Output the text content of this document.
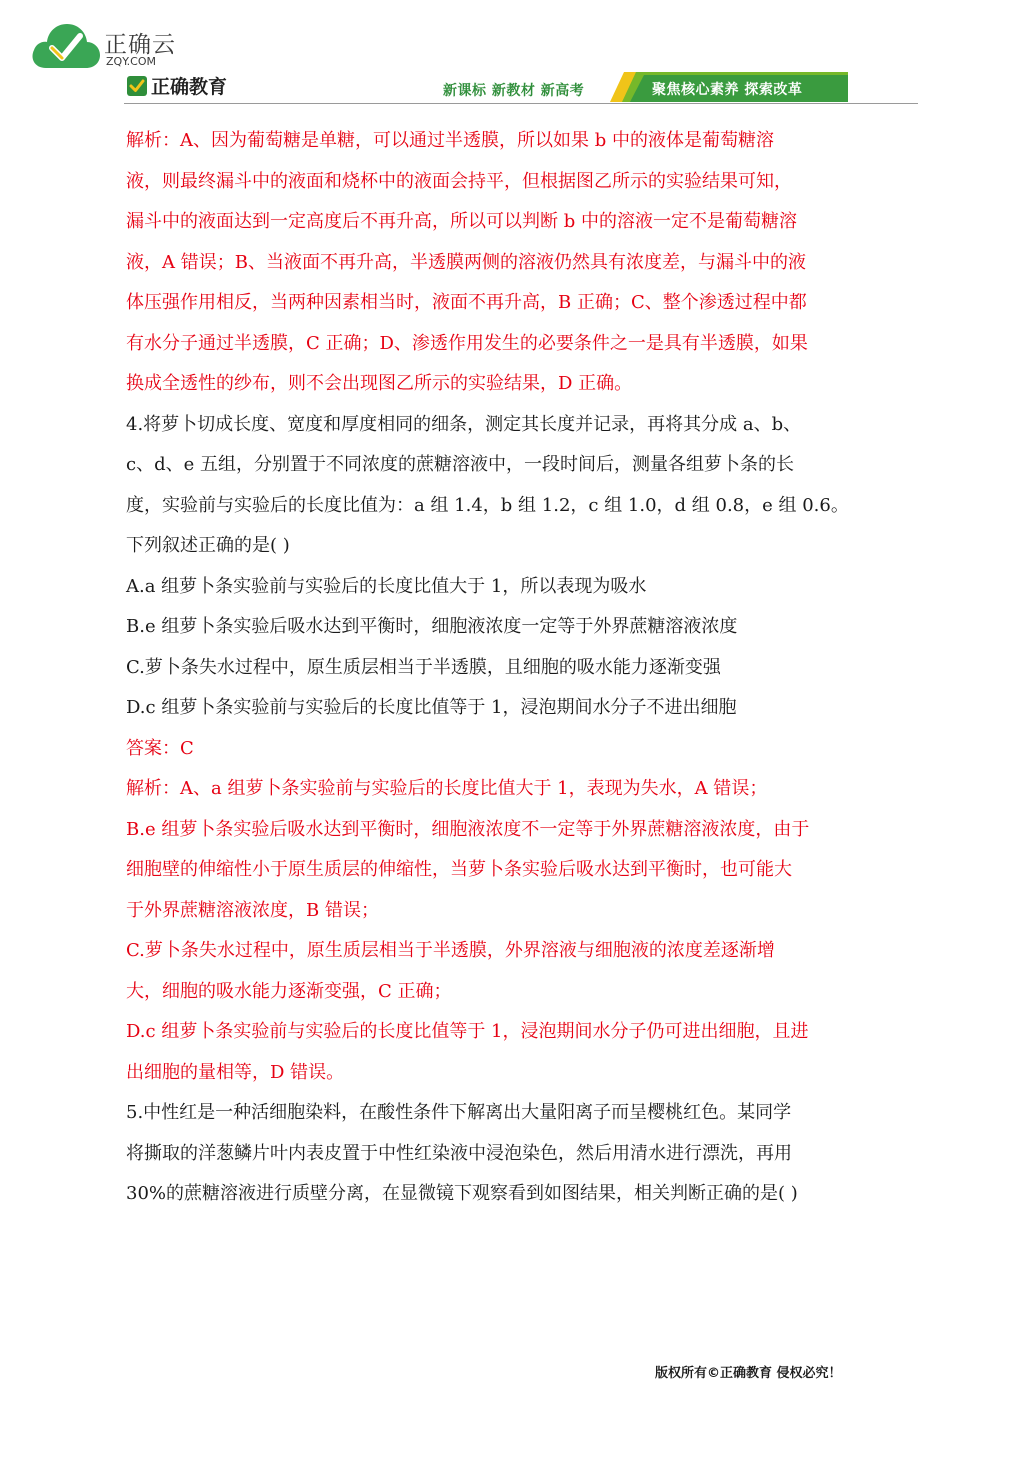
正确云
ZQY.COM
正确教育	新课标 新教材 新高考	聚焦核心素养 探索改革
解析：A、因为葡萄糖是单糖，可以通过半透膜，所以如果 b 中的液体是葡萄糖溶
液，则最终漏斗中的液面和烧杯中的液面会持平，但根据图乙所示的实验结果可知，
漏斗中的液面达到一定高度后不再升高，所以可以判断 b 中的溶液一定不是葡萄糖溶
液，A 错误；B、当液面不再升高，半透膜两侧的溶液仍然具有浓度差，与漏斗中的液
体压强作用相反，当两种因素相当时，液面不再升高，B 正确；C、整个渗透过程中都
有水分子通过半透膜，C 正确；D、渗透作用发生的必要条件之一是具有半透膜，如果
换成全透性的纱布，则不会出现图乙所示的实验结果，D 正确。
4.将萝卜切成长度、宽度和厚度相同的细条，测定其长度并记录，再将其分成 a、b、
c、d、e 五组，分别置于不同浓度的蔗糖溶液中，一段时间后，测量各组萝卜条的长
度，实验前与实验后的长度比值为：a 组 1.4，b 组 1.2，c 组 1.0，d 组 0.8，e 组 0.6。
下列叙述正确的是( )
A.a 组萝卜条实验前与实验后的长度比值大于 1，所以表现为吸水
B.e 组萝卜条实验后吸水达到平衡时，细胞液浓度一定等于外界蔗糖溶液浓度
C.萝卜条失水过程中，原生质层相当于半透膜，且细胞的吸水能力逐渐变强
D.c 组萝卜条实验前与实验后的长度比值等于 1，浸泡期间水分子不进出细胞
答案：C
解析：A、a 组萝卜条实验前与实验后的长度比值大于 1，表现为失水，A 错误；
B.e 组萝卜条实验后吸水达到平衡时，细胞液浓度不一定等于外界蔗糖溶液浓度，由于
细胞壁的伸缩性小于原生质层的伸缩性，当萝卜条实验后吸水达到平衡时，也可能大
于外界蔗糖溶液浓度，B 错误；
C.萝卜条失水过程中，原生质层相当于半透膜，外界溶液与细胞液的浓度差逐渐增
大，细胞的吸水能力逐渐变强，C 正确；
D.c 组萝卜条实验前与实验后的长度比值等于 1，浸泡期间水分子仍可进出细胞，且进
出细胞的量相等，D 错误。
5.中性红是一种活细胞染料，在酸性条件下解离出大量阳离子而呈樱桃红色。某同学
将撕取的洋葱鳞片叶内表皮置于中性红染液中浸泡染色，然后用清水进行漂洗，再用
30%的蔗糖溶液进行质壁分离，在显微镜下观察看到如图结果，相关判断正确的是( )
版权所有©正确教育 侵权必究！
